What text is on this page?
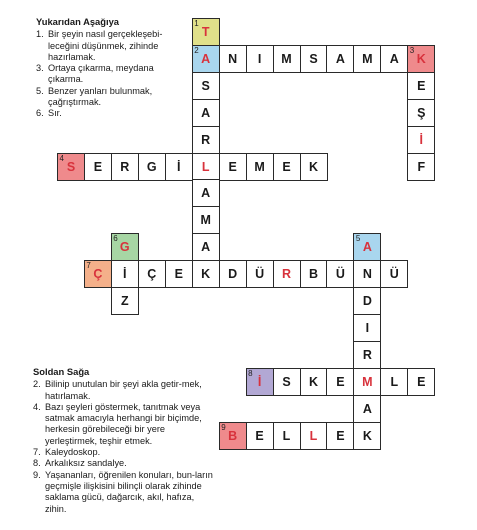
1
T
2
A N I M S A M A
3
K
S	E
A	Ş
R	İ
4
S E R G İ L E M E K	F
A
M
6
G	A
5
A
7
Ç İ Ç E K D Ü R B Ü N Ü
Z	D
I
R
8
İ S K E M L E
A
9
B E L L E K
Yukarıdan Aşağıya
1. Bir şeyin nasıl gerçekleşebi-leceğini düşünmek, zihinde hazırlamak.
3. Ortaya çıkarma, meydana çıkarma.
5. Benzer yanları bulunmak, çağrıştırmak.
6. Sır.
Soldan Sağa
2. Bilinip unutulan bir şeyi akla getir-mek, hatırlamak.
4. Bazı şeyleri göstermek, tanıtmak veya satmak amacıyla herhangi bir biçimde, herkesin görebileceği bir yere yerleştirmek, teşhir etmek.
7. Kaleydoskop.
8. Arkalıksız sandalye.
9. Yaşananları, öğrenilen konuları, bun-ların geçmişle ilişkisini bilinçli olarak zihinde saklama gücü, dağarcık, akıl, hafıza, zihin.
